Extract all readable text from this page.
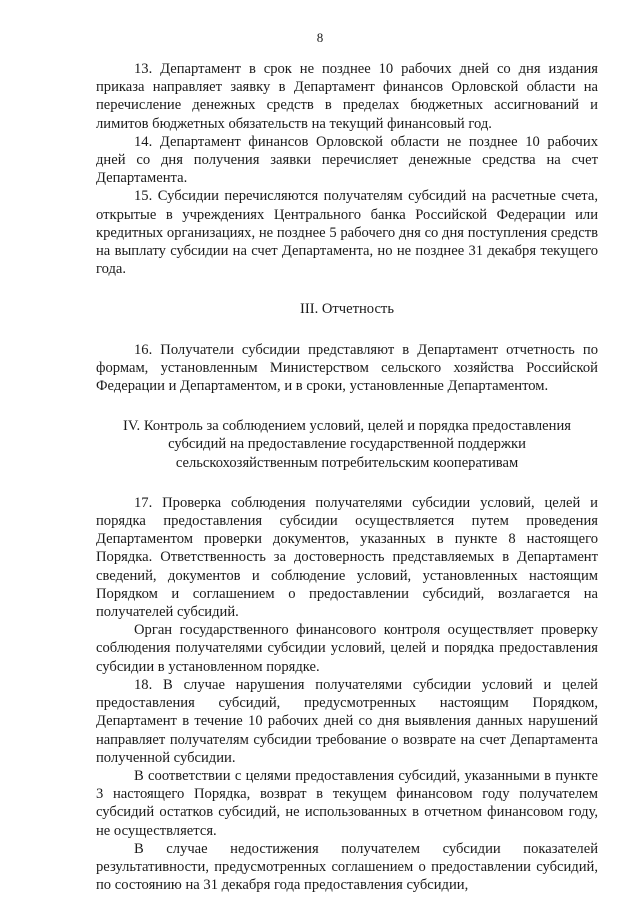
8

13. Департамент в срок не позднее 10 рабочих дней со дня издания приказа направляет заявку в Департамент финансов Орловской области на перечисление денежных средств в пределах бюджетных ассигнований и лимитов бюджетных обязательств на текущий финансовый год.

14. Департамент финансов Орловской области не позднее 10 рабочих дней со дня получения заявки перечисляет денежные средства на счет Департамента.

15. Субсидии перечисляются получателям субсидий на расчетные счета, открытые в учреждениях Центрального банка Российской Федерации или кредитных организациях, не позднее 5 рабочего дня со дня поступления средств на выплату субсидии на счет Департамента, но не позднее 31 декабря текущего года.

III. Отчетность

16. Получатели субсидии представляют в Департамент отчетность по формам, установленным Министерством сельского хозяйства Российской Федерации и Департаментом, и в сроки, установленные Департаментом.

IV. Контроль за соблюдением условий, целей и порядка предоставления субсидий на предоставление государственной поддержки сельскохозяйственным потребительским кооперативам

17. Проверка соблюдения получателями субсидии условий, целей и порядка предоставления субсидии осуществляется путем проведения Департаментом проверки документов, указанных в пункте 8 настоящего Порядка. Ответственность за достоверность представляемых в Департамент сведений, документов и соблюдение условий, установленных настоящим Порядком и соглашением о предоставлении субсидий, возлагается на получателей субсидий.

Орган государственного финансового контроля осуществляет проверку соблюдения получателями субсидии условий, целей и порядка предоставления субсидии в установленном порядке.

18. В случае нарушения получателями субсидии условий и целей предоставления субсидий, предусмотренных настоящим Порядком, Департамент в течение 10 рабочих дней со дня выявления данных нарушений направляет получателям субсидии требование о возврате на счет Департамента полученной субсидии.

В соответствии с целями предоставления субсидий, указанными в пункте 3 настоящего Порядка, возврат в текущем финансовом году получателем субсидий остатков субсидий, не использованных в отчетном финансовом году, не осуществляется.

В случае недостижения получателем субсидии показателей результативности, предусмотренных соглашением о предоставлении субсидий, по состоянию на 31 декабря года предоставления субсидии,
